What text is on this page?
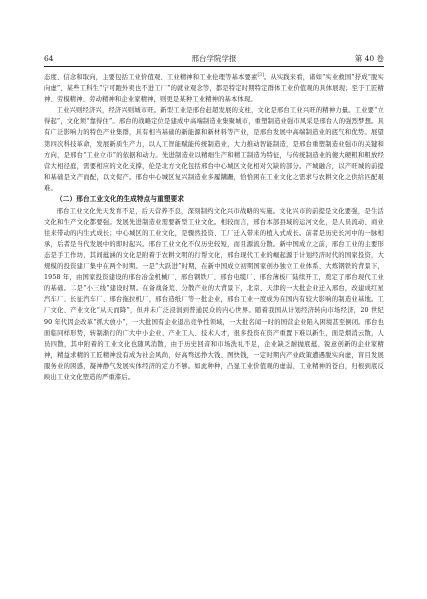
64	邢台学院学报	第 40 卷

态度、信念和取向，主要包括工业价值观、工业精神和工业伦理等基本要素[3]。从实践来看，诸如“实业救国”抒成“脱实向虚”、某些工科生“宁可跑外卖也不进工厂”的就业观念等，都是特定时期特定群体工业价值观的具体展现；至于工匠精神、劳模精神、劳动精神和企业家精神，则更是某种工业精神的基本体现。

工业兴则经济兴，经济兴则城市旺。新型工业是邢台赶超发展的支柱，文化是邢台工业兴旺的精神力量。工业要“立得起”，文化须“靠得住”。邢台的战略定位是建成中高端制造业集聚城市，重塑制造业强市风采是邢台人的强烈梦想。具有广泛影响力的特色产业集群，具有相当基础的新能源和新材料等产业，是邢台发展中高端制造业的底气和优势。展望第四次科技革命，发展新质生产力，以人工智能赋能传统制造业，大力推动智能制造，是邢台重塑制造业强市的关键和方向，是邢台“工业立市”的依据和动力。先进制造业以精细生产和精工制造为特征，与传统制造业的傻大硬粗和粗放经营大相径庭，需要相应的文化支撑，伦是北方文化包括邢台中心城区文化相对欠缺的部分。产城融合，以产旺城的前提和基础是文产而配，以文促产。邢台中心城区复兴制造业多履蹒跚，恰恰困在工业文化之需求与农耕文化之供给匹配艰难。

（二）邢台工业文化的生成特点与重塑要求

邢台工业文化先天发育不足，后天营养不良，深刻制约文化兴市战略的实施。文化兴市的前提是文化要强，是生活文化和生产文化都要强。发展先进制造业需要新型工业文化。相较而言，邢台本部县域的运河文化，是人员流动、商业往来带动的内生式成长；中心城区的工业文化，是骤然投资、工厂迁入带来的植入式成长。前者是历史长河中的一脉相承，后者是当代发展中的即时起兴。邢台工业文化不仅历史较短，而且源流分散。新中国成立之前，邢台工业的主要形态是手工作坊，其间蕴涵的文化是附着于农耕文明的行帮文化，邢台现代工业的崛起源于计划经济时代的国家投资，大规模的投资建厂集中在两个时期。一是“大跃进”时期，在新中国成立初期国家创办独立工业体系、大炼钢铁的背景下，1958 年，由国家投资建设的邢台冶金机械厂、邢台钢铁厂、邢台电缆厂、邢台薄板厂陆续开工，奠定了邢台现代工业的基础。二是“小三线”建设时期。在备战备荒、分散产业的大背景下，北京、天津的一大批企业迁入邢台，改建成红星汽车厂、长征汽车厂、邢台拖拉机厂、邢台造纸厂等一批企业，邢台工业一度成为在国内有较大影响的制造业基地。工厂文化、产业文化“从天而降”，但并未广泛浸润到普通民众的内心世界。随着我国从计划经济转向市场经济，20 世纪 90 年代因企改革“抓大放小”，一大批国有企业退出竞争性领域，一大批名闻一时的国营企业陷入困境甚至倒闭。邢台也面临同样形势，转制渐行的广大中小企业、产业工人、技术人才，很多投资在资产重置下难以新生，面是烟消云散，人员四散，其中附着的工业文化也随风消散，由于历史回音和市场洗礼不足，企业缺乏耐抛底蕴、锐意创新的企业家精神，精益求精的工匠精神没有成为社会风尚，好高骛远挣大钱、图快钱，一定时期内产业政策遭遇脱实向虚，盲目发展服务业的困惑，凝神静气发展实体经济的定力不够。如此种种，凸显工业价值观的虚弱、工业精神的苍白，归根到底反映出工业文化塑造的严重滞后。
